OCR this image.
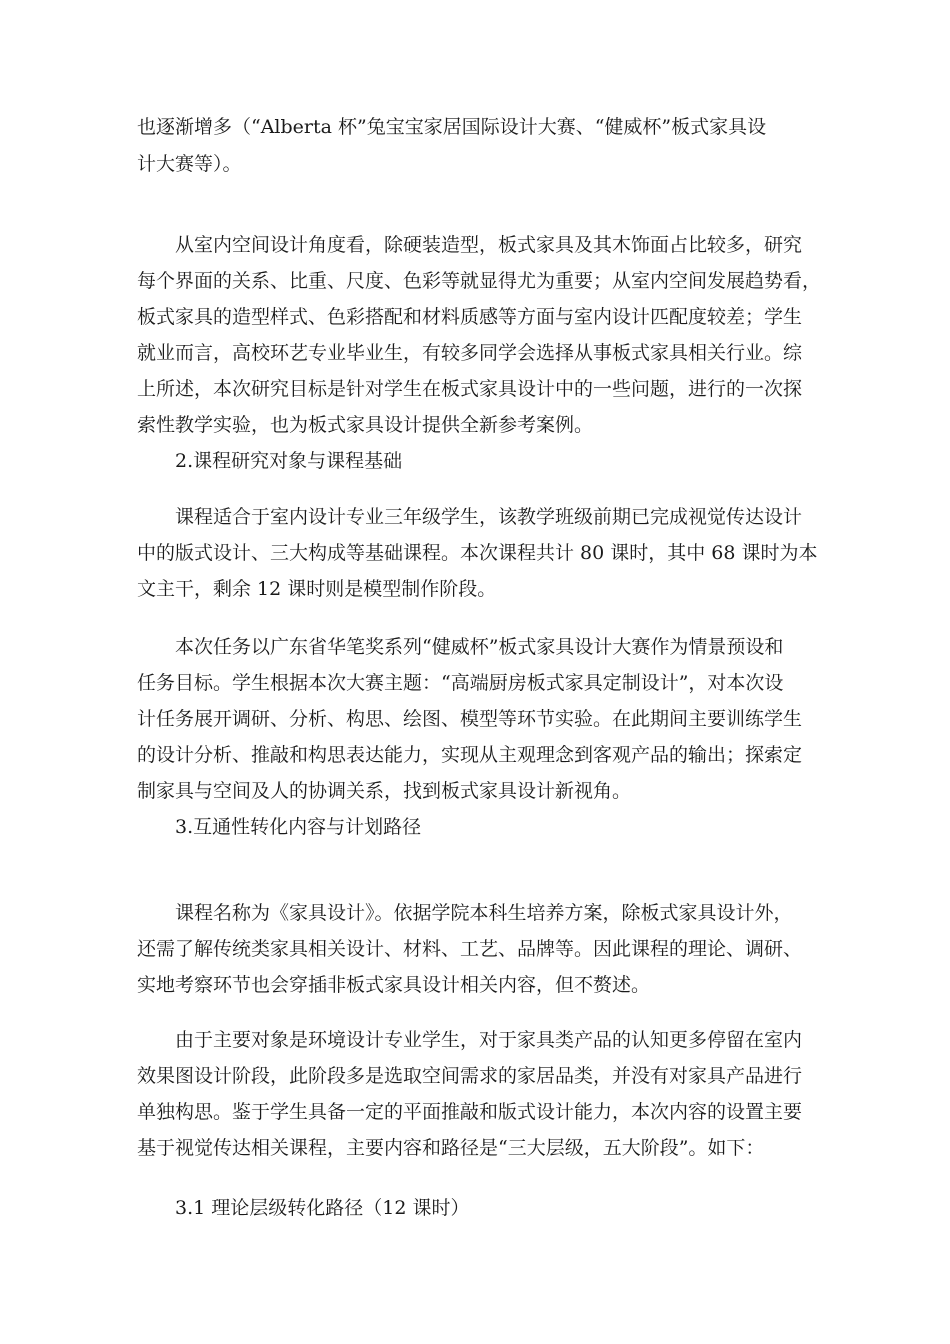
也逐渐增多（“Alberta 杯”兔宝宝家居国际设计大赛、“健威杯”板式家具设
计大赛等）。
从室内空间设计角度看，除硬装造型，板式家具及其木饰面占比较多，研究
每个界面的关系、比重、尺度、色彩等就显得尤为重要；从室内空间发展趋势看，
板式家具的造型样式、色彩搭配和材料质感等方面与室内设计匹配度较差；学生
就业而言，高校环艺专业毕业生，有较多同学会选择从事板式家具相关行业。综
上所述，本次研究目标是针对学生在板式家具设计中的一些问题，进行的一次探
索性教学实验，也为板式家具设计提供全新参考案例。
2.课程研究对象与课程基础
课程适合于室内设计专业三年级学生，该教学班级前期已完成视觉传达设计
中的版式设计、三大构成等基础课程。本次课程共计 80 课时，其中 68 课时为本
文主干，剩余 12 课时则是模型制作阶段。
本次任务以广东省华笔奖系列“健威杯”板式家具设计大赛作为情景预设和
任务目标。学生根据本次大赛主题：“高端厨房板式家具定制设计”，对本次设
计任务展开调研、分析、构思、绘图、模型等环节实验。在此期间主要训练学生
的设计分析、推敲和构思表达能力，实现从主观理念到客观产品的输出；探索定
制家具与空间及人的协调关系，找到板式家具设计新视角。
3.互通性转化内容与计划路径
课程名称为《家具设计》。依据学院本科生培养方案，除板式家具设计外，
还需了解传统类家具相关设计、材料、工艺、品牌等。因此课程的理论、调研、
实地考察环节也会穿插非板式家具设计相关内容，但不赘述。
由于主要对象是环境设计专业学生，对于家具类产品的认知更多停留在室内
效果图设计阶段，此阶段多是选取空间需求的家居品类，并没有对家具产品进行
单独构思。鉴于学生具备一定的平面推敲和版式设计能力，本次内容的设置主要
基于视觉传达相关课程，主要内容和路径是“三大层级，五大阶段”。如下：
3.1 理论层级转化路径（12 课时）
